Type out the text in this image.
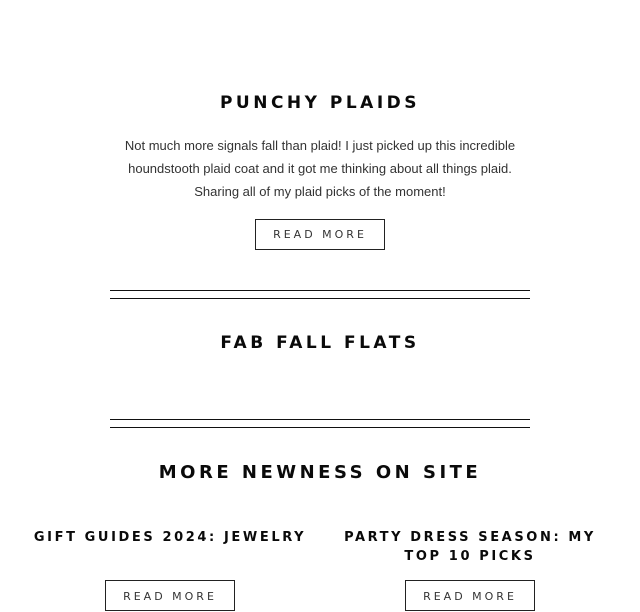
PUNCHY PLAIDS
Not much more signals fall than plaid! I just picked up this incredible
houndstooth plaid coat and it got me thinking about all things plaid.
Sharing all of my plaid picks of the moment!
READ MORE
FAB FALL FLATS
MORE NEWNESS ON SITE
GIFT GUIDES 2024: JEWELRY	PARTY DRESS SEASON: MY TOP 10 PICKS
READ MORE	READ MORE
